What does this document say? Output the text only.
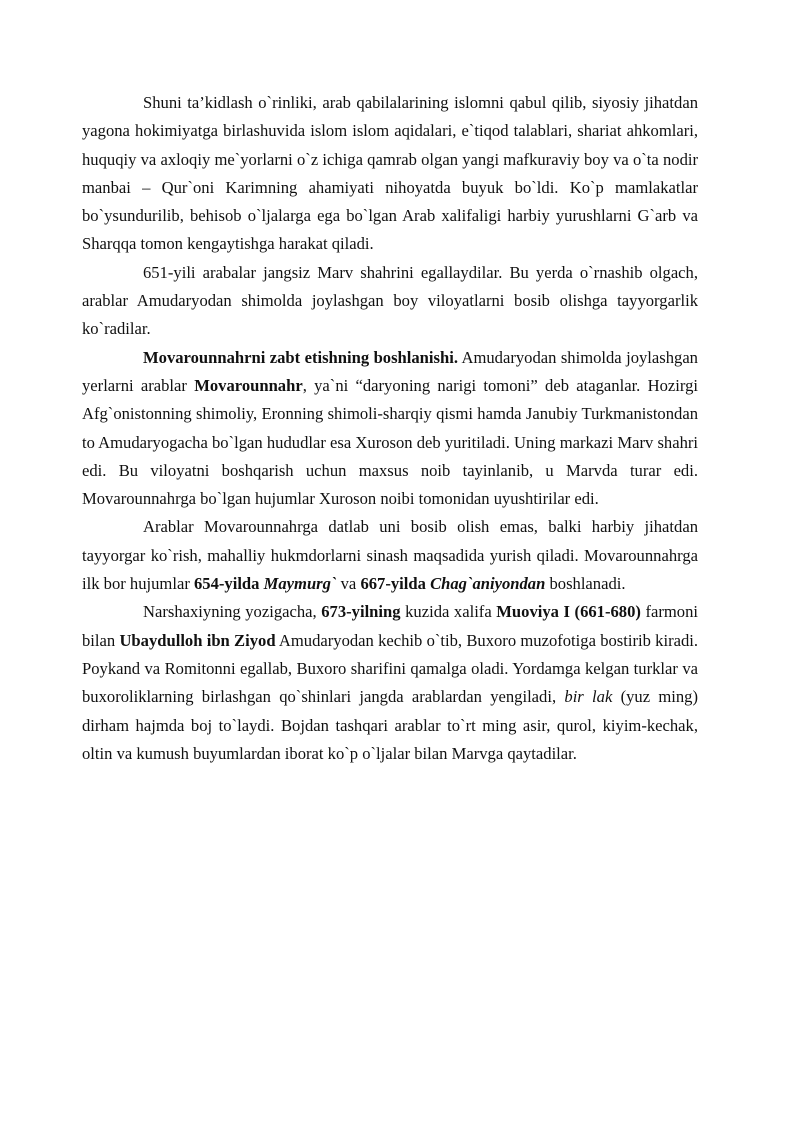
Shuni ta’kidlash o`rinliki, arab qabilalarining islomni qabul qilib, siyosiy jihatdan yagona hokimiyatga birlashuvida islom islom aqidalari, e`tiqod talablari, shariat ahkomlari, huquqiy va axloqiy me`yorlarni o`z ichiga qamrab olgan yangi mafkuraviy boy va o`ta nodir manbai – Qur`oni Karimning ahamiyati nihoyatda buyuk bo`ldi. Ko`p mamlakatlar bo`ysundurilib, behisob o`ljalarga ega bo`lgan Arab xalifaligi harbiy yurushlarni G`arb va Sharqqa tomon kengaytishga harakat qiladi.

651-yili arabalar jangsiz Marv shahrini egallaydilar. Bu yerda o`rnashib olgach, arablar Amudaryodan shimolda joylashgan boy viloyatlarni bosib olishga tayyorgarlik ko`radilar.

Movarounnahrni zabt etishning boshlanishi. Amudaryodan shimolda joylashgan yerlarni arablar Movarounnahr, ya`ni “daryoning narigi tomoni” deb ataganlar. Hozirgi Afg`onistonning shimoliy, Eronning shimoli-sharqiy qismi hamda Janubiy Turkmanistondan to Amudaryogacha bo`lgan hududlar esa Xuroson deb yuritiladi. Uning markazi Marv shahri edi. Bu viloyatni boshqarish uchun maxsus noib tayinlanib, u Marvda turar edi. Movarounnahrga bo`lgan hujumlar Xuroson noibi tomonidan uyushtirilar edi.

Arablar Movarounnahrga datlab uni bosib olish emas, balki harbiy jihatdan tayyorgar ko`rish, mahalliy hukmdorlarni sinash maqsadida yurish qiladi. Movarounnahrga ilk bor hujumlar 654-yilda Maymurg` va 667-yilda Chag`aniyondan boshlanadi.

Narshaxiyning yozigacha, 673-yilning kuzida xalifa Muoviya I (661-680) farmoni bilan Ubaydulloh ibn Ziyod Amudaryodan kechib o`tib, Buxoro muzofotiga bostirib kiradi. Poykand va Romitonni egallab, Buxoro sharifini qamalga oladi. Yordamga kelgan turklar va buxoroliklarning birlashgan qo`shinlari jangda arablardan yengiladi, bir lak (yuz ming) dirham hajmda boj to`laydi. Bojdan tashqari arablar to`rt ming asir, qurol, kiyim-kechak, oltin va kumush buyumlardan iborat ko`p o`ljalar bilan Marvga qaytadilar.
